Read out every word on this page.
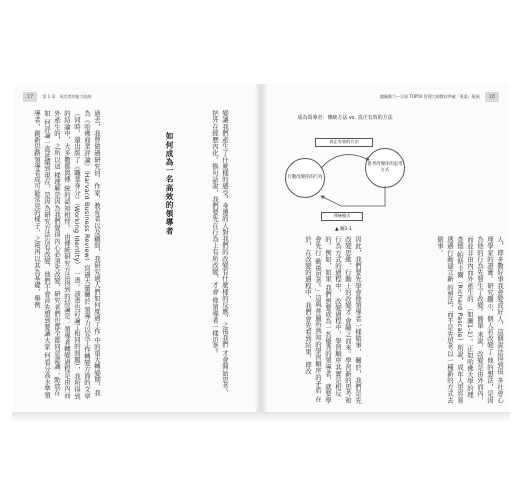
17	第 1 章 成功者的能力陷阱
變讓我們產生了什麼樣的感受，身邊的人對我們的改變有什麼樣的反應，之後我們 才會開始思考，把外在經歷內化。換句話說，我們要先在行為上有所改變，才會 像領導者一樣思考。
如何成為一名高效的領導者
過去，我曾做過研究員、作家、教育者以及顧問，我研究過人們如何度過工作 中的重大轉變期，我為《哈佛商業評論》（Harvard Business Review）寫過大量關於 領導力以及工作轉變方面的文章（同時，還出版了《職業身分》（Working Identity） 一書。該書也討論了相同的問題），我所得到的結論中，大多數都與傳 統的認知相悖。 由傳統研究方法得到的結論是：領導者轉變過程是由內而外產生的，之所以這 樣理解是因為我們覺得內心必須先改變，研究者們也都全都同意認識；點放在如 何評論一直延續到現在，是因為研究方法沒有改變，他們不會首先想到要讓大家 何看分高水準領導者，創新思路領導者成可能常見的樣子，之後再以其為基礎，舉例
隨樞動力—全球 TOP50 管理大師教你突破「專業」瓶頸	18
成為領導者：傳統方法 vs. 真正有效的方法
真正有效的方法
行動改變你的行為
思考改變你的思考方式
傳統模式
▲ 圖1-1
人，即多數好事我會變成好人，這個說法得到很 多社會心理學家的證實。研究顯示，個人若改變了 他的想法，是因為他的行為先發生了改變。簡單 來說，改變是由外而內，而並非由內而外產生的 （如圖1-1）。正如哈佛大學的理查德·帕斯卡爾（Richard Pascale）所說，成年人更容易透過行動建立新 的想法，而不是先思考以一種新的方式去做事。
因此，我們要先學會像領導者一樣做事， 關於，我們是先改變思維，行動上的改變才 會隨之而來。學習新的思考和行為方式的過程中， 改變過程中，學習順序其實是相反的。例如，如果 我們想要成為一名優秀的領導者，就要學會先行 動後思考。」這與普遍所熟知的學習順序的矛盾 在於，在改變的過程中，我們會先看到結果，即改
